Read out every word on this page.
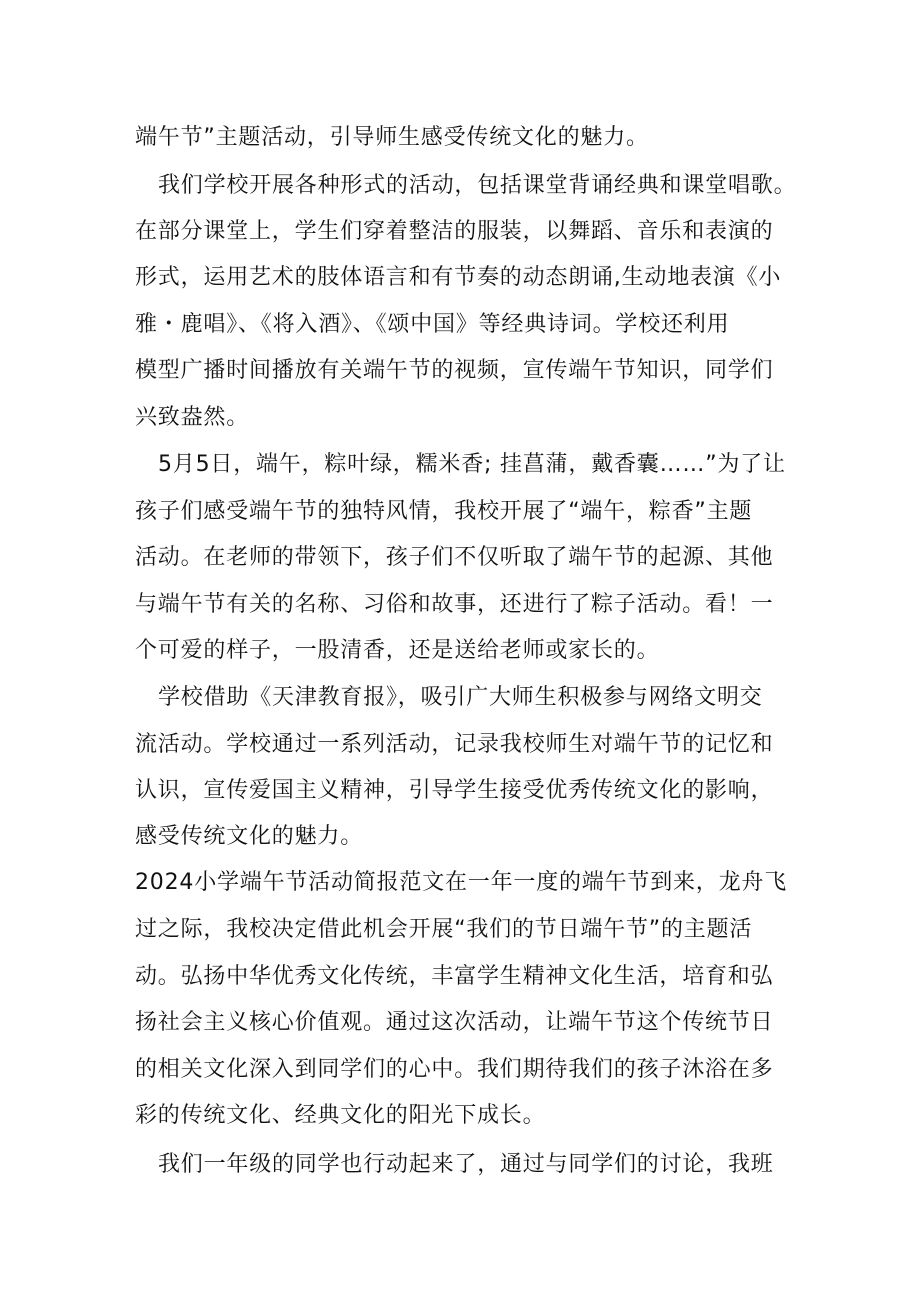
端午节”主题活动，引导师生感受传统文化的魅力。
我们学校开展各种形式的活动，包括课堂背诵经典和课堂唱歌。
在部分课堂上，学生们穿着整洁的服装，以舞蹈、音乐和表演的
形式，运用艺术的肢体语言和有节奏的动态朗诵,生动地表演《小
雅・鹿唱》、《将入酒》、《颂中国》等经典诗词。学校还利用
模型广播时间播放有关端午节的视频，宣传端午节知识，同学们
兴致盎然。
5月5日，端午，粽叶绿，糯米香; 挂菖蒲，戴香囊……”为了让
孩子们感受端午节的独特风情，我校开展了“端午，粽香”主题
活动。在老师的带领下，孩子们不仅听取了端午节的起源、其他
与端午节有关的名称、习俗和故事，还进行了粽子活动。看！一
个可爱的样子，一股清香，还是送给老师或家长的。
学校借助《天津教育报》，吸引广大师生积极参与网络文明交
流活动。学校通过一系列活动，记录我校师生对端午节的记忆和
认识，宣传爱国主义精神，引导学生接受优秀传统文化的影响，
感受传统文化的魅力。
2024小学端午节活动简报范文在一年一度的端午节到来，龙舟飞
过之际，我校决定借此机会开展“我们的节日端午节”的主题活
动。弘扬中华优秀文化传统，丰富学生精神文化生活，培育和弘
扬社会主义核心价值观。通过这次活动，让端午节这个传统节日
的相关文化深入到同学们的心中。我们期待我们的孩子沐浴在多
彩的传统文化、经典文化的阳光下成长。
我们一年级的同学也行动起来了，通过与同学们的讨论，我班
